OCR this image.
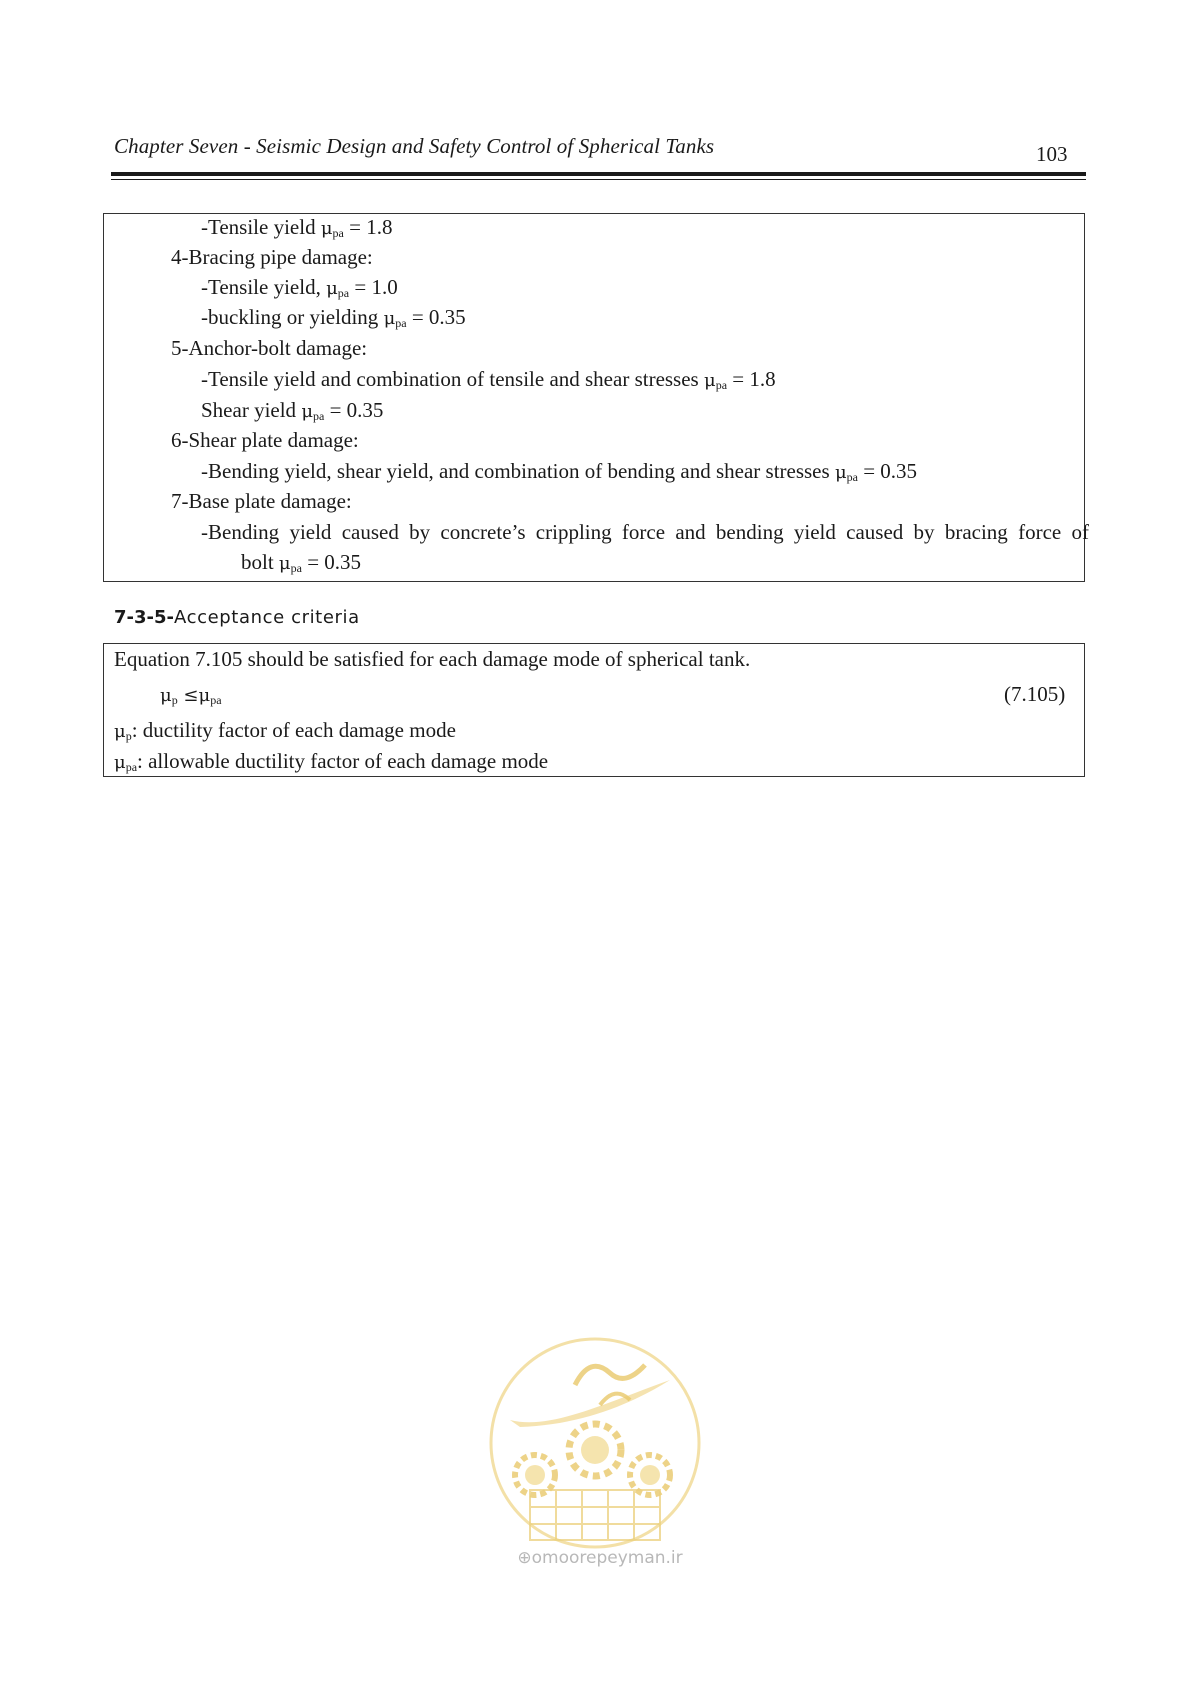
Chapter Seven - Seismic Design and Safety Control of Spherical Tanks	103
-Tensile yield $\mu_{pa} = 1.8$
4-Bracing pipe damage:
-Tensile yield, $\mu_{pa} = 1.0$
-buckling or yielding $\mu_{pa} = 0.35$
5-Anchor-bolt damage:
-Tensile yield and combination of tensile and shear stresses $\mu_{pa} = 1.8$
Shear yield $\mu_{pa} = 0.35$
6-Shear plate damage:
-Bending yield, shear yield, and combination of bending and shear stresses $\mu_{pa} = 0.35$
7-Base plate damage:
-Bending yield caused by concrete’s crippling force and bending yield caused by bracing force of
bolt $\mu_{pa} = 0.35$
7-3-5-Acceptance criteria
Equation 7.105 should be satisfied for each damage mode of spherical tank.
$\mu_p \le\mu_{pa}$
$\mu_p$: ductility factor of each damage mode
$\mu_{pa}$: allowable ductility factor of each damage mode
(7.105)
⊕omoorepeyman.ir
